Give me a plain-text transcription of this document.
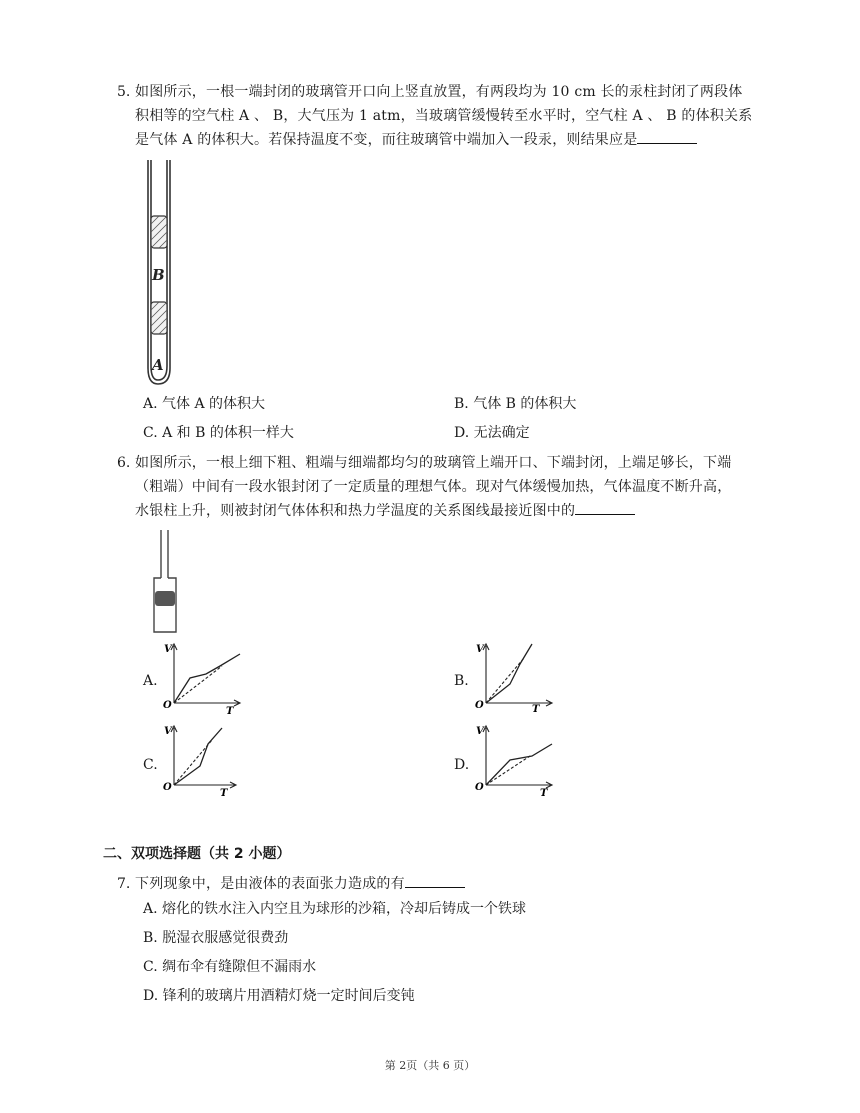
5. 如图所示，一根一端封闭的玻璃管开口向上竖直放置，有两段均为 10 cm 长的汞柱封闭了两段体
积相等的空气柱 A 、 B，大气压为 1 atm，当玻璃管缓慢转至水平时，空气柱 A 、 B 的体积关系
是气体 A 的体积大。若保持温度不变，而往玻璃管中端加入一段汞，则结果应是
B
A
A. 气体 A 的体积大	B. 气体 B 的体积大
C. A 和 B 的体积一样大	D. 无法确定
6. 如图所示，一根上细下粗、粗端与细端都均匀的玻璃管上端开口、下端封闭，上端足够长，下端
（粗端）中间有一段水银封闭了一定质量的理想气体。现对气体缓慢加热，气体温度不断升高，
水银柱上升，则被封闭气体体积和热力学温度的关系图线最接近图中的
A.
V
T
O
B.
V
T
O
C.
V
T
O
D.
V
T
O
二、双项选择题（共 2 小题）
7. 下列现象中，是由液体的表面张力造成的有
A. 熔化的铁水注入内空且为球形的沙箱，冷却后铸成一个铁球
B. 脱湿衣服感觉很费劲
C. 绸布伞有缝隙但不漏雨水
D. 锋利的玻璃片用酒精灯烧一定时间后变钝
第 2页（共 6 页）
